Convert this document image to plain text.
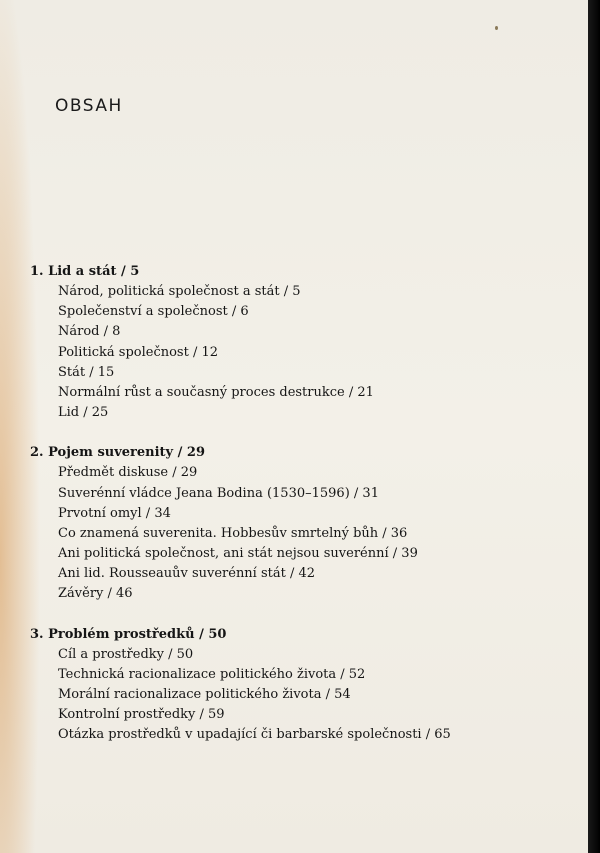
OBSAH
1. Lid a stát / 5
Národ, politická společnost a stát / 5
Společenství a společnost / 6
Národ / 8
Politická společnost / 12
Stát / 15
Normální růst a současný proces destrukce / 21
Lid / 25
2. Pojem suverenity / 29
Předmět diskuse / 29
Suverénní vládce Jeana Bodina (1530–1596) / 31
Prvotní omyl / 34
Co znamená suverenita. Hobbesův smrtelný bůh / 36
Ani politická společnost, ani stát nejsou suverénní / 39
Ani lid. Rousseauův suverénní stát / 42
Závěry / 46
3. Problém prostředků / 50
Cíl a prostředky / 50
Technická racionalizace politického života / 52
Morální racionalizace politického života / 54
Kontrolní prostředky / 59
Otázka prostředků v upadající či barbarské společnosti / 65
